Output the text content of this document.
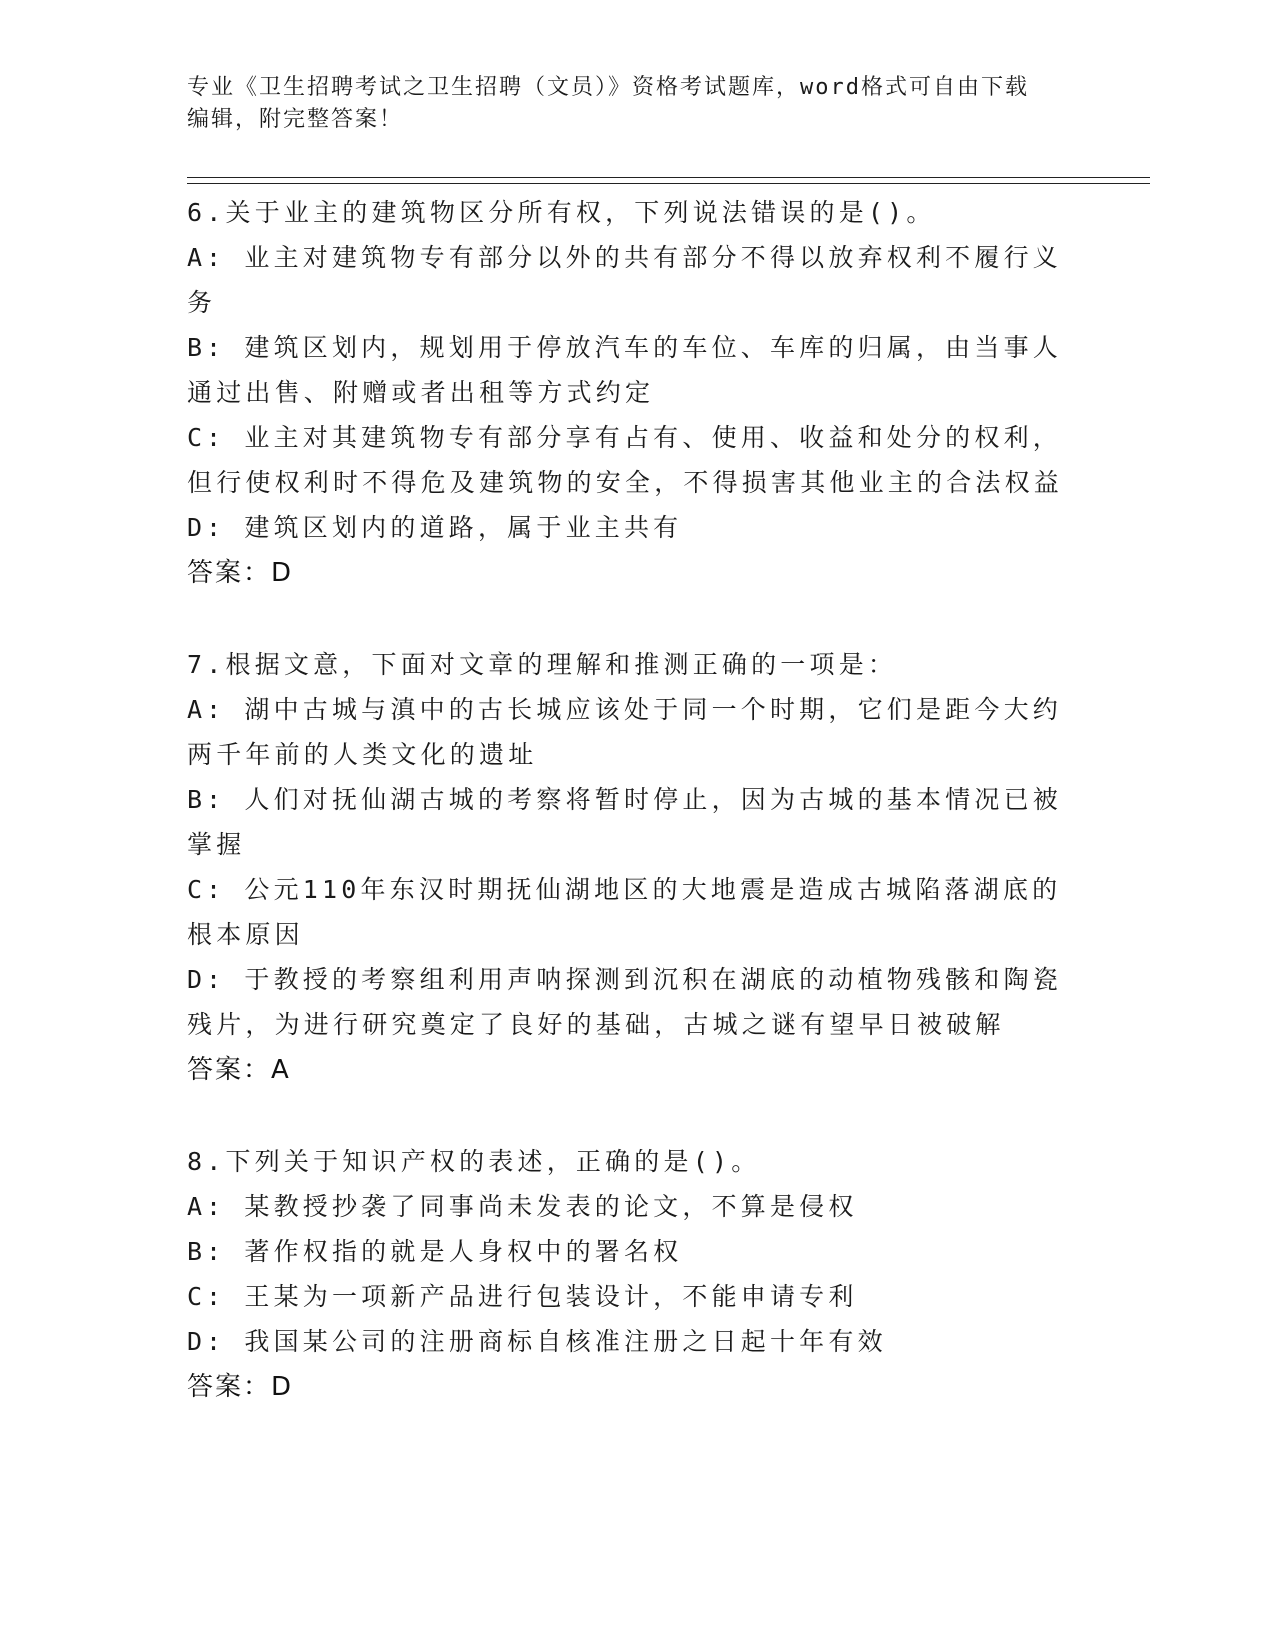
专业《卫生招聘考试之卫生招聘（文员）》资格考试题库，word格式可自由下载
编辑，附完整答案！
6.关于业主的建筑物区分所有权，下列说法错误的是()。
A: 业主对建筑物专有部分以外的共有部分不得以放弃权利不履行义务
B: 建筑区划内，规划用于停放汽车的车位、车库的归属，由当事人通过出售、附赠或者出租等方式约定
C: 业主对其建筑物专有部分享有占有、使用、收益和处分的权利，但行使权利时不得危及建筑物的安全，不得损害其他业主的合法权益
D: 建筑区划内的道路，属于业主共有
答案：D
7.根据文意，下面对文章的理解和推测正确的一项是：
A: 湖中古城与滇中的古长城应该处于同一个时期，它们是距今大约两千年前的人类文化的遗址
B: 人们对抚仙湖古城的考察将暂时停止，因为古城的基本情况已被掌握
C: 公元110年东汉时期抚仙湖地区的大地震是造成古城陷落湖底的根本原因
D: 于教授的考察组利用声呐探测到沉积在湖底的动植物残骸和陶瓷残片，为进行研究奠定了良好的基础，古城之谜有望早日被破解
答案：A
8.下列关于知识产权的表述，正确的是()。
A: 某教授抄袭了同事尚未发表的论文，不算是侵权
B: 著作权指的就是人身权中的署名权
C: 王某为一项新产品进行包装设计，不能申请专利
D: 我国某公司的注册商标自核准注册之日起十年有效
答案：D
